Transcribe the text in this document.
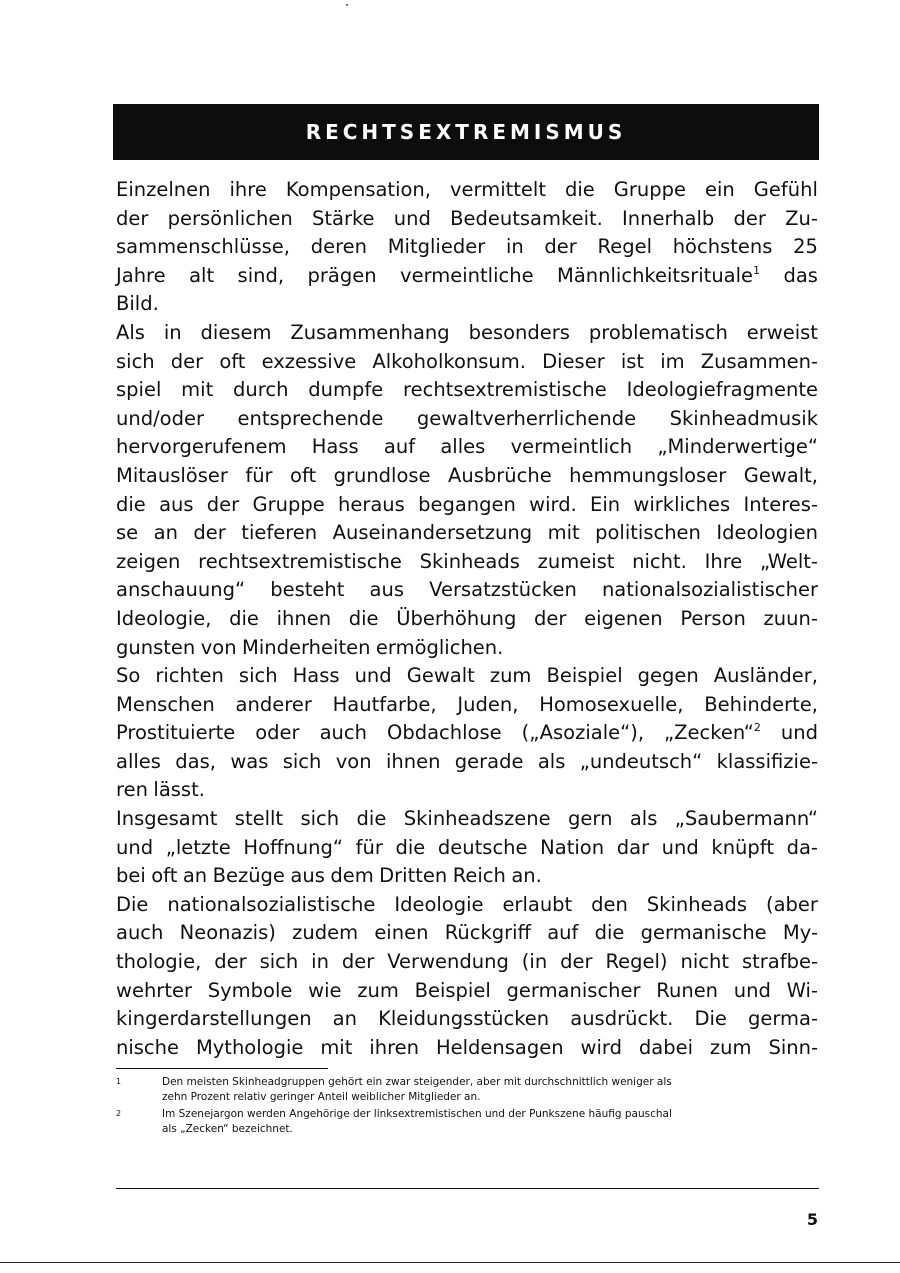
RECHTSEXTREMISMUS
Einzelnen ihre Kompensation, vermittelt die Gruppe ein Gefühl
der persönlichen Stärke und Bedeutsamkeit. Innerhalb der Zu-
sammenschlüsse, deren Mitglieder in der Regel höchstens 25
Jahre alt sind, prägen vermeintliche Männlichkeitsrituale$^1$ das
Bild.
Als in diesem Zusammenhang besonders problematisch erweist
sich der oft exzessive Alkoholkonsum. Dieser ist im Zusammen-
spiel mit durch dumpfe rechtsextremistische Ideologiefragmente
und/oder entsprechende gewaltverherrlichende Skinheadmusik
hervorgerufenem Hass auf alles vermeintlich „Minderwertige“
Mitauslöser für oft grundlose Ausbrüche hemmungsloser Gewalt,
die aus der Gruppe heraus begangen wird. Ein wirkliches Interes-
se an der tieferen Auseinandersetzung mit politischen Ideologien
zeigen rechtsextremistische Skinheads zumeist nicht. Ihre „Welt-
anschauung“ besteht aus Versatzstücken nationalsozialistischer
Ideologie, die ihnen die Überhöhung der eigenen Person zuun-
gunsten von Minderheiten ermöglichen.
So richten sich Hass und Gewalt zum Beispiel gegen Ausländer,
Menschen anderer Hautfarbe, Juden, Homosexuelle, Behinderte,
Prostituierte oder auch Obdachlose („Asoziale“), „Zecken“$^2$ und
alles das, was sich von ihnen gerade als „undeutsch“ klassifizie-
ren lässt.
Insgesamt stellt sich die Skinheadszene gern als „Saubermann“
und „letzte Hoffnung“ für die deutsche Nation dar und knüpft da-
bei oft an Bezüge aus dem Dritten Reich an.
Die nationalsozialistische Ideologie erlaubt den Skinheads (aber
auch Neonazis) zudem einen Rückgriff auf die germanische My-
thologie, der sich in der Verwendung (in der Regel) nicht strafbe-
wehrter Symbole wie zum Beispiel germanischer Runen und Wi-
kingerdarstellungen an Kleidungsstücken ausdrückt. Die germa-
nische Mythologie mit ihren Heldensagen wird dabei zum Sinn-
1	Den meisten Skinheadgruppen gehört ein zwar steigender, aber mit durchschnittlich weniger als
zehn Prozent relativ geringer Anteil weiblicher Mitglieder an.
2	Im Szenejargon werden Angehörige der linksextremistischen und der Punkszene häufig pauschal
als „Zecken“ bezeichnet.
5
